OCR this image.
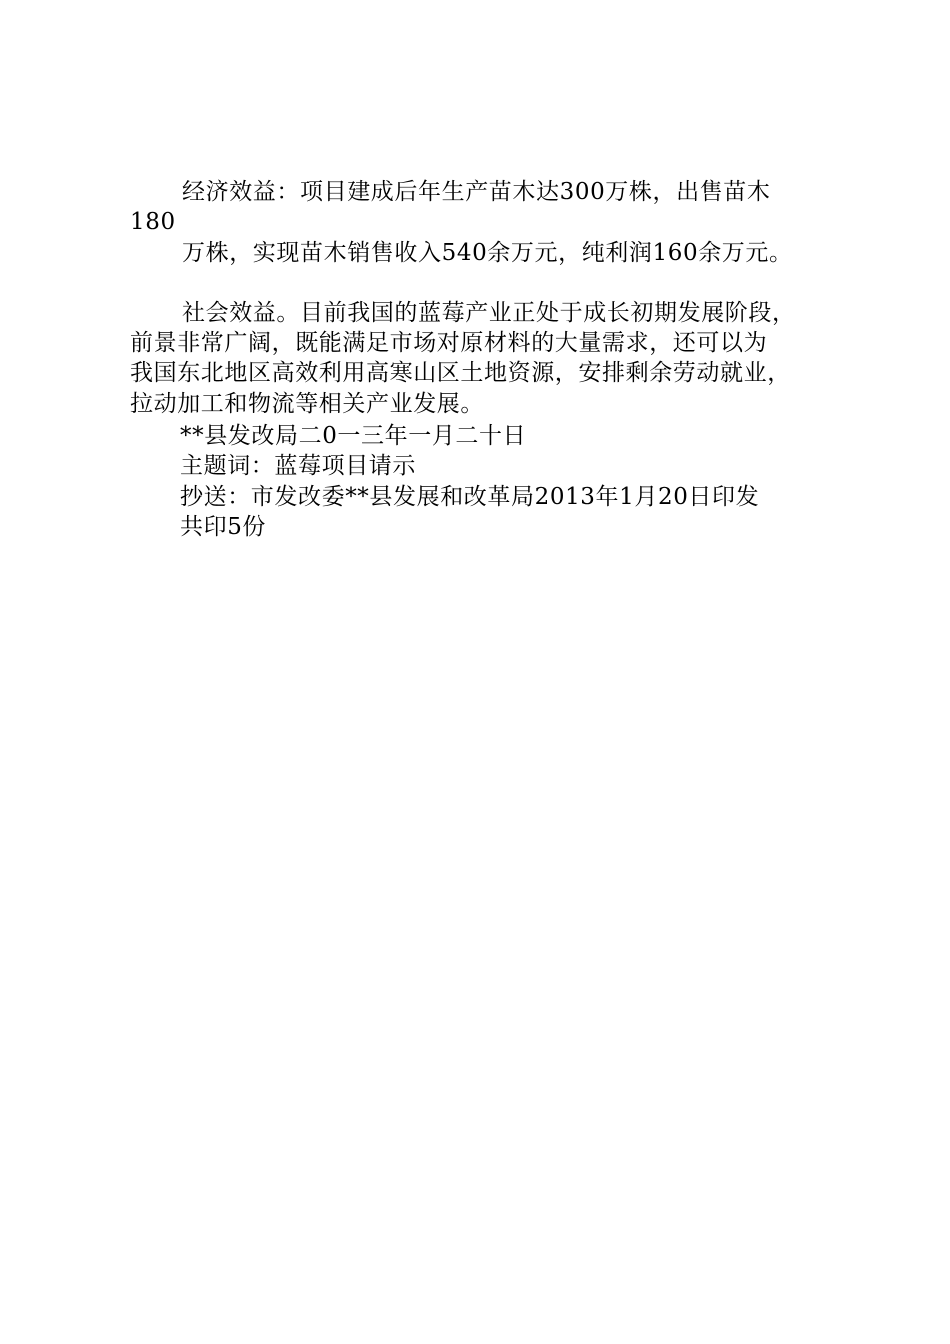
经济效益：项目建成后年生产苗木达300万株，出售苗木
180
万株，实现苗木销售收入540余万元，纯利润160余万元。
社会效益。目前我国的蓝莓产业正处于成长初期发展阶段，
前景非常广阔，既能满足市场对原材料的大量需求，还可以为
我国东北地区高效利用高寒山区土地资源，安排剩余劳动就业，
拉动加工和物流等相关产业发展。
**县发改局二0一三年一月二十日
主题词：蓝莓项目请示
抄送：市发改委**县发展和改革局2013年1月20日印发
共印5份
